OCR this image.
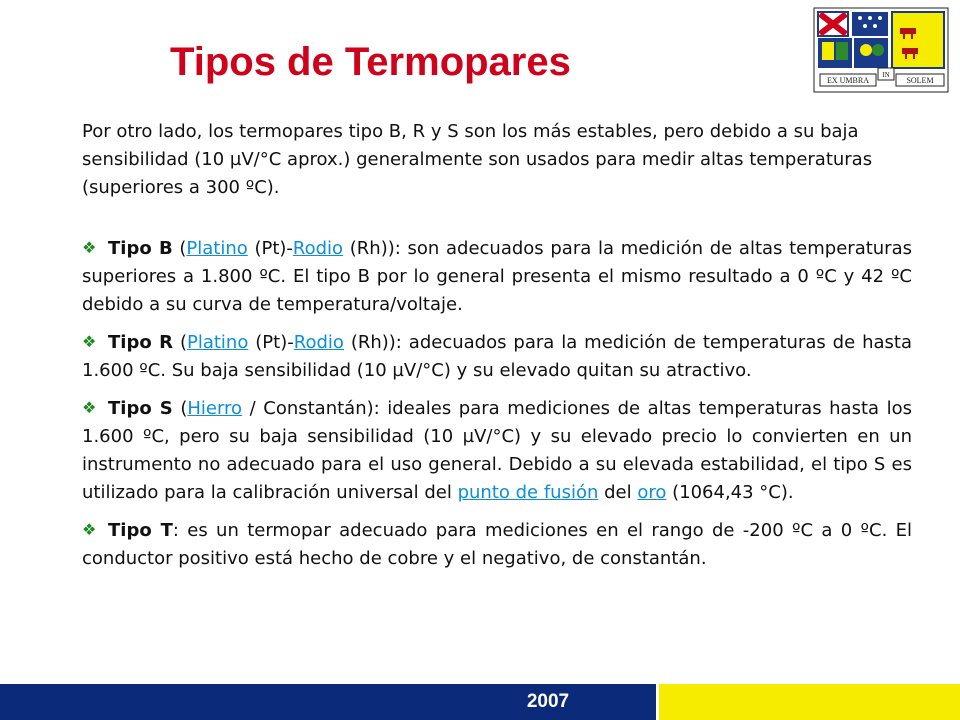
Tipos de Termopares	EX UMBRA
IN
SOLEM

Por otro lado, los termopares tipo B, R y S son los más estables, pero debido a su baja sensibilidad (10 µV/°C aprox.) generalmente son usados para medir altas temperaturas (superiores a 300 ºC).

❖ Tipo B (Platino (Pt)-Rodio (Rh)): son adecuados para la medición de altas temperaturas superiores a 1.800 ºC. El tipo B por lo general presenta el mismo resultado a 0 ºC y 42 ºC debido a su curva de temperatura/voltaje.
❖ Tipo R (Platino (Pt)-Rodio (Rh)): adecuados para la medición de temperaturas de hasta 1.600 ºC. Su baja sensibilidad (10 µV/°C) y su elevado quitan su atractivo.
❖ Tipo S (Hierro / Constantán): ideales para mediciones de altas temperaturas hasta los 1.600 ºC, pero su baja sensibilidad (10 µV/°C) y su elevado precio lo convierten en un instrumento no adecuado para el uso general. Debido a su elevada estabilidad, el tipo S es utilizado para la calibración universal del punto de fusión del oro (1064,43 °C).
❖ Tipo T: es un termopar adecuado para mediciones en el rango de -200 ºC a 0 ºC. El conductor positivo está hecho de cobre y el negativo, de constantán.
2007
